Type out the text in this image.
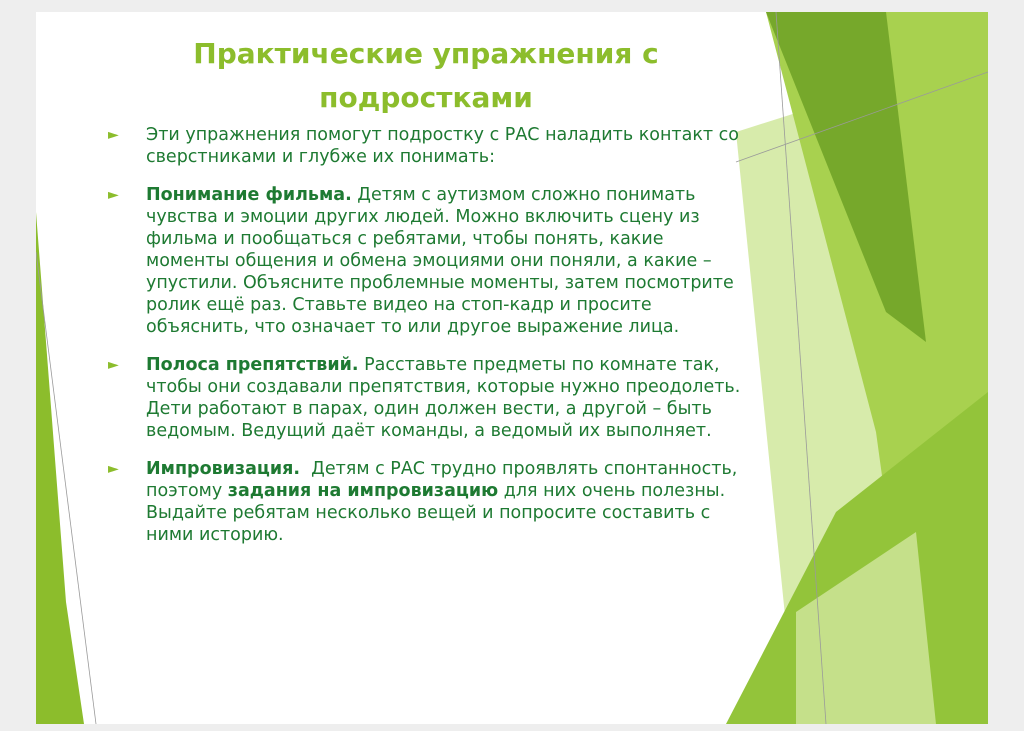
Практические упражнения с
подростками
► Эти упражнения помогут подростку с РАС наладить контакт со сверстниками и глубже их понимать:
► Понимание фильма. Детям с аутизмом сложно понимать чувства и эмоции других людей. Можно включить сцену из фильма и пообщаться с ребятами, чтобы понять, какие моменты общения и обмена эмоциями они поняли, а какие – упустили. Объясните проблемные моменты, затем посмотрите ролик ещё раз. Ставьте видео на стоп-кадр и просите объяснить, что означает то или другое выражение лица.
► Полоса препятствий. Расставьте предметы по комнате так, чтобы они создавали препятствия, которые нужно преодолеть. Дети работают в парах, один должен вести, а другой – быть ведомым. Ведущий даёт команды, а ведомый их выполняет.
► Импровизация.  Детям с РАС трудно проявлять спонтанность, поэтому задания на импровизацию для них очень полезны. Выдайте ребятам несколько вещей и попросите составить с ними историю.
